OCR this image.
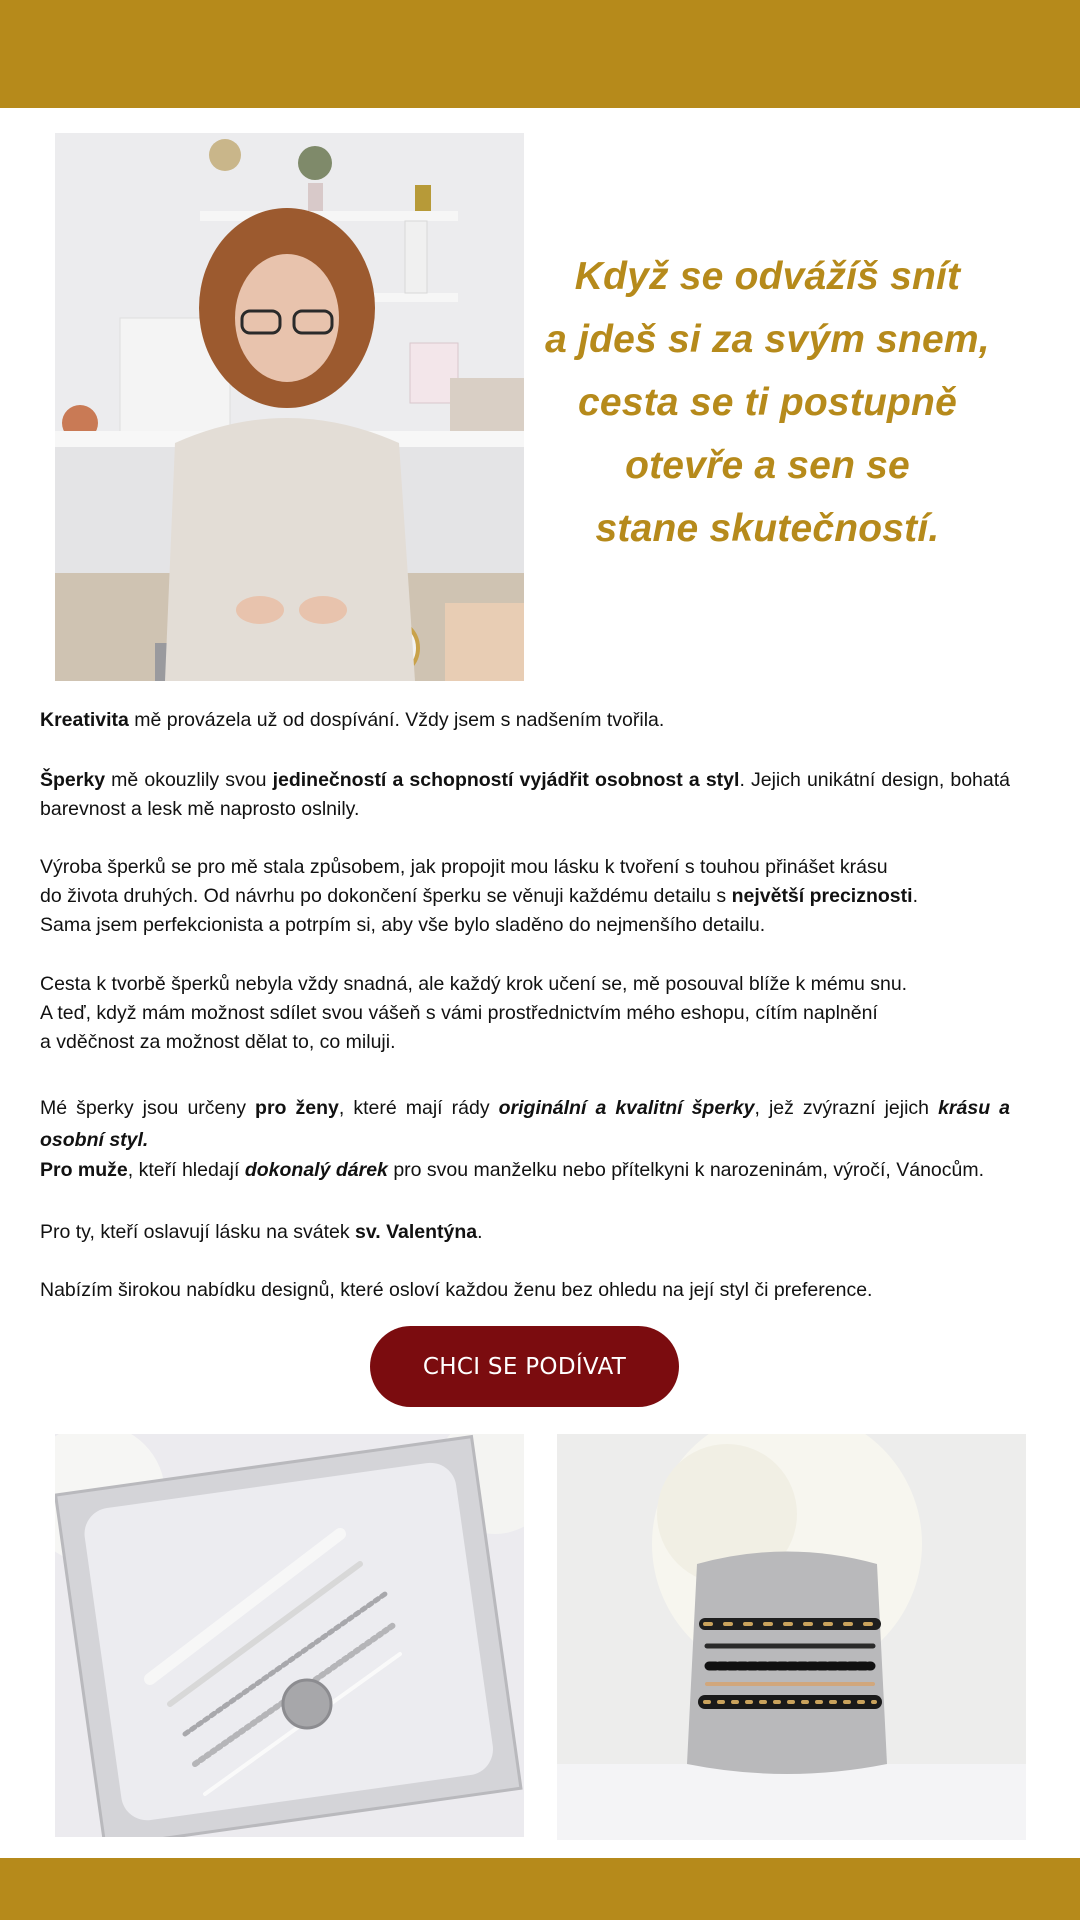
Když se odvážíš snít
a jdeš si za svým snem,
cesta se ti postupně
otevře a sen se
stane skutečností.

Kreativita mě provázela už od dospívání. Vždy jsem s nadšením tvořila.

Šperky mě okouzlily svou jedinečností a schopností vyjádřit osobnost a styl. Jejich unikátní design, bohatá barevnost a lesk mě naprosto oslnily.

Výroba šperků se pro mě stala způsobem, jak propojit mou lásku k tvoření s touhou přinášet krásu

do života druhých. Od návrhu po dokončení šperku se věnuji každému detailu s největší preciznosti.

Sama jsem perfekcionista a potrpím si, aby vše bylo sladěno do nejmenšího detailu.

Cesta k tvorbě šperků nebyla vždy snadná, ale každý krok učení se, mě posouval blíže k mému snu.

A teď, když mám možnost sdílet svou vášeň s vámi prostřednictvím mého eshopu, cítím naplnění

a vděčnost za možnost dělat to, co miluji.

Mé šperky jsou určeny pro ženy, které mají rády originální a kvalitní šperky, jež zvýrazní jejich krásu a osobní styl.

Pro muže, kteří hledají dokonalý dárek pro svou manželku nebo přítelkyni k narozeninám, výročí, Vánocům.

Pro ty, kteří oslavují lásku na svátek sv. Valentýna.

Nabízím širokou nabídku designů, které osloví každou ženu bez ohledu na její styl či preference.

CHCI SE PODÍVAT
